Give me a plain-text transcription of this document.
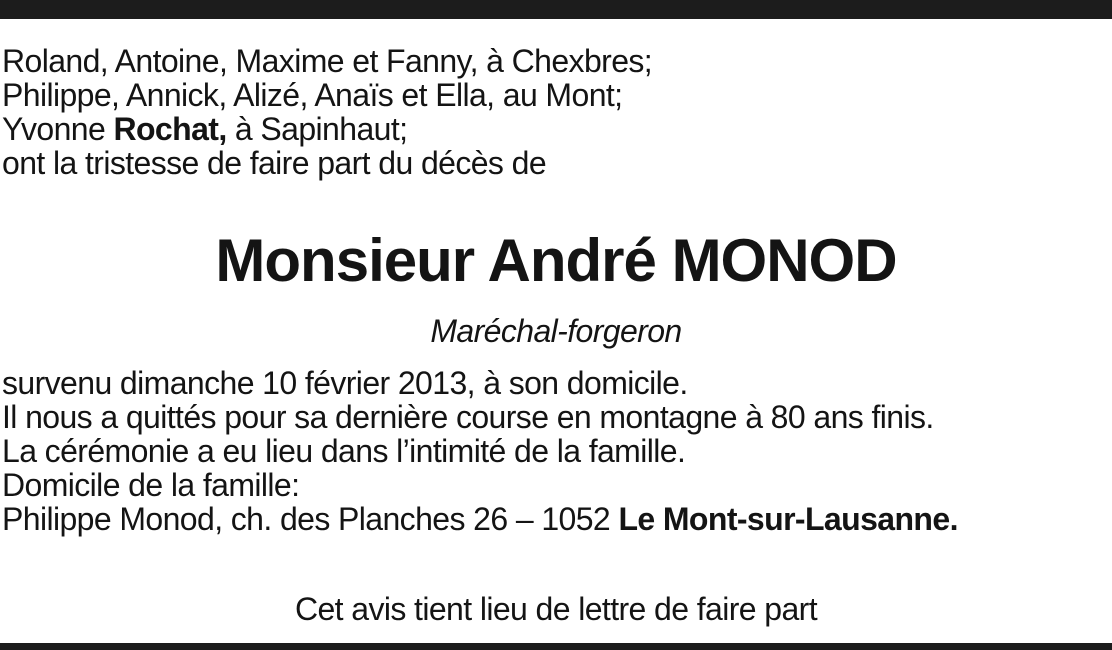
Roland, Antoine, Maxime et Fanny, à Chexbres;
Philippe, Annick, Alizé, Anaïs et Ella, au Mont;
Yvonne Rochat, à Sapinhaut;
ont la tristesse de faire part du décès de
Monsieur André MONOD
Maréchal-forgeron
survenu dimanche 10 février 2013, à son domicile.
Il nous a quittés pour sa dernière course en montagne à 80 ans finis.
La cérémonie a eu lieu dans l’intimité de la famille.
Domicile de la famille:
Philippe Monod, ch. des Planches 26 – 1052 Le Mont-sur-Lausanne.
Cet avis tient lieu de lettre de faire part
